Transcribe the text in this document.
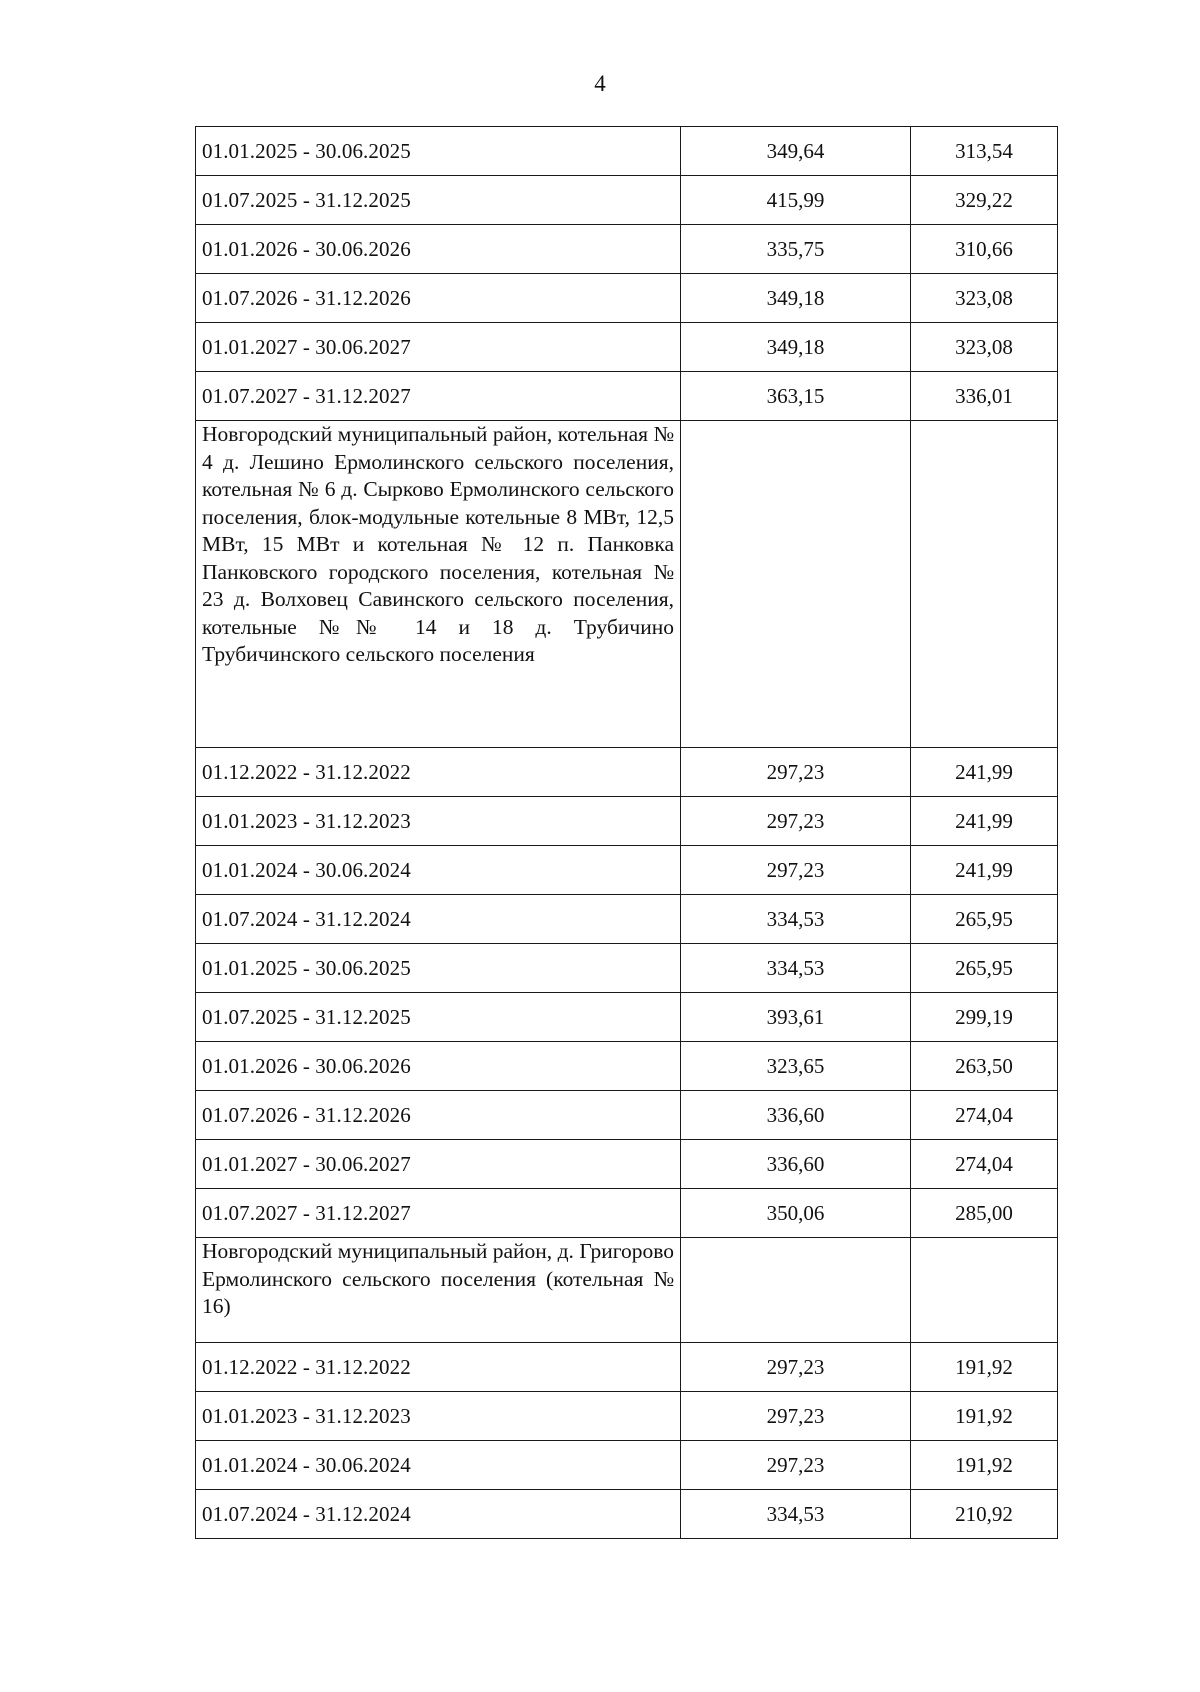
4
01.01.2025 - 30.06.2025	349,64	313,54
01.07.2025 - 31.12.2025	415,99	329,22
01.01.2026 - 30.06.2026	335,75	310,66
01.07.2026 - 31.12.2026	349,18	323,08
01.01.2027 - 30.06.2027	349,18	323,08
01.07.2027 - 31.12.2027	363,15	336,01
Новгородский муниципальный район, котельная № 4 д. Лешино Ермолинского сельского поселения, котельная № 6 д. Сырково Ермолинского сельского поселения, блок-модульные котельные 8 МВт, 12,5 МВт, 15 МВт и котельная № 12 п. Панковка Панковского городского поселения, котельная № 23 д. Волховец Савинского сельского поселения, котельные №№ 14 и 18 д. Трубичино Трубичинского сельского поселения		
01.12.2022 - 31.12.2022	297,23	241,99
01.01.2023 - 31.12.2023	297,23	241,99
01.01.2024 - 30.06.2024	297,23	241,99
01.07.2024 - 31.12.2024	334,53	265,95
01.01.2025 - 30.06.2025	334,53	265,95
01.07.2025 - 31.12.2025	393,61	299,19
01.01.2026 - 30.06.2026	323,65	263,50
01.07.2026 - 31.12.2026	336,60	274,04
01.01.2027 - 30.06.2027	336,60	274,04
01.07.2027 - 31.12.2027	350,06	285,00
Новгородский муниципальный район, д. Григорово Ермолинского сельского поселения (котельная № 16)		
01.12.2022 - 31.12.2022	297,23	191,92
01.01.2023 - 31.12.2023	297,23	191,92
01.01.2024 - 30.06.2024	297,23	191,92
01.07.2024 - 31.12.2024	334,53	210,92
